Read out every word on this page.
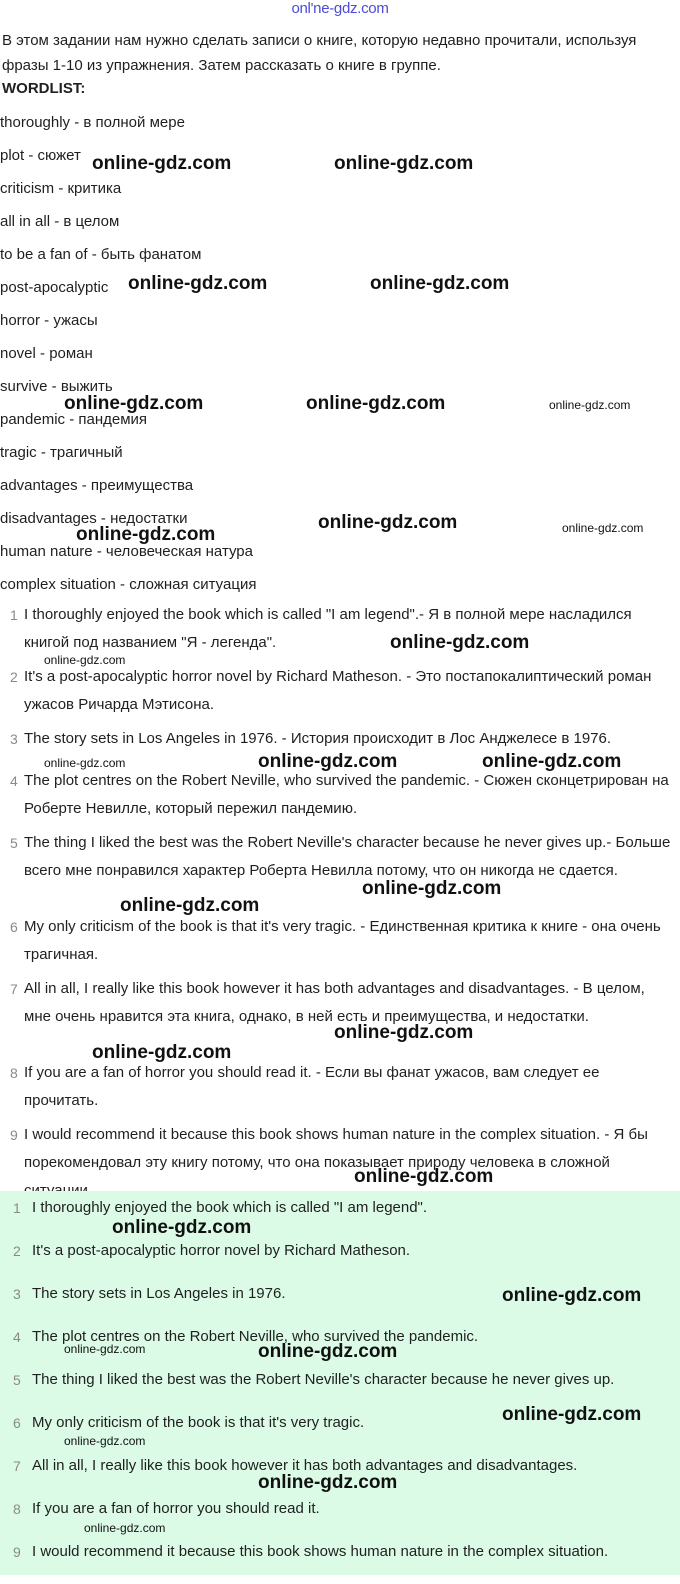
onl'ne-gdz.com
В этом задании нам нужно сделать записи о книге, которую недавно прочитали, используя фразы 1-10 из упражнения. Затем рассказать о книге в группе.
WORDLIST:
thoroughly - в полной мере
plot - сюжет
criticism - критика
all in all - в целом
to be a fan of - быть фанатом
post-apocalyptic
horror - ужасы
novel - роман
survive - выжить
pandemic - пандемия
tragic - трагичный
advantages - преимущества
disadvantages - недостатки
human nature - человеческая натура
complex situation - сложная ситуация
1 I thoroughly enjoyed the book which is called "I am legend".- Я в полной мере насладился книгой под названием "Я - легенда".
2 It's a post-apocalyptic horror novel by Richard Matheson. - Это постапокалиптический роман ужасов Ричарда Мэтисона.
3 The story sets in Los Angeles in 1976. - История происходит в Лос Анджелесе в 1976.
4 The plot centres on the Robert Neville, who survived the pandemic. - Сюжен сконцетрирован на Роберте Невилле, который пережил пандемию.
5 The thing I liked the best was the Robert Neville's character because he never gives up.- Больше всего мне понравился характер Роберта Невилла потому, что он никогда не сдается.
6 My only criticism of the book is that it's very tragic. - Единственная критика к книге - она очень трагичная.
7 All in all, I really like this book however it has both advantages and disadvantages. - В целом, мне очень нравится эта книга, однако, в ней есть и преимущества, и недостатки.
8 If you are a fan of horror you should read it. - Если вы фанат ужасов, вам следует ее прочитать.
9 I would recommend it because this book shows human nature in the complex situation. - Я бы порекомендовал эту книгу потому, что она показывает природу человека в сложной
1 I thoroughly enjoyed the book which is called "I am legend".
2 It's a post-apocalyptic horror novel by Richard Matheson.
3 The story sets in Los Angeles in 1976.
4 The plot centres on the Robert Neville, who survived the pandemic.
5 The thing I liked the best was the Robert Neville's character because he never gives up.
6 My only criticism of the book is that it's very tragic.
7 All in all, I really like this book however it has both advantages and disadvantages.
8 If you are a fan of horror you should read it.
9 I would recommend it because this book shows human nature in the complex situation.
online-gdz.com	online-gdz.com
online-gdz.com	online-gdz.com
online-gdz.com	online-gdz.com	online-gdz.com
online-gdz.com
online-gdz.com	online-gdz.com
online-gdz.com
online-gdz.com
online-gdz.com	online-gdz.com	online-gdz.com
online-gdz.com
online-gdz.com
online-gdz.com
online-gdz.com
online-gdz.com
online-gdz.com
online-gdz.com
online-gdz.com	online-gdz.com
online-gdz.com
online-gdz.com
online-gdz.com
online-gdz.com
